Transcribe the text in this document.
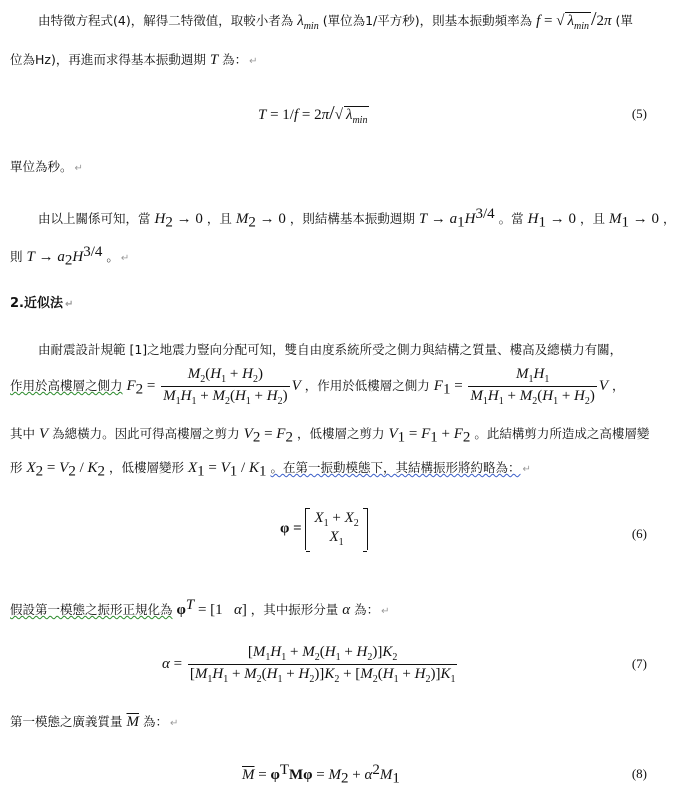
由特徵方程式(4)，解得二特徵值，取較小者為 $\lambda_{min}$ (單位為1/平方秒)，則基本振動頻率為 f = √ $\lambda_{min}$ /2π (單
位為Hz)，再進而求得基本振動週期 T 為： ↵
T = 1/f = 2π/√ $\lambda_{min}$	(5)
單位為秒。 ↵
由以上關係可知，當 $H_2 \to 0$ ，且 $M_2 \to 0$ ，則結構基本振動週期 $T \to a_1H^{3/4}$ 。當 $H_1 \to 0$ ，且 $M_1 \to 0$ ，
則 $T \to a_2H^{3/4}$ 。 ↵
2.近似法 ↵
由耐震設計規範 [1]之地震力豎向分配可知，雙自由度系統所受之側力與結構之質量、樓高及總橫力有關，
作用於高樓層之側力 $F_2 = \frac{M_2(H_1 + H_2)}{M_1H_1 + M_2(H_1 + H_2)}$ V ，作用於低樓層之側力 $F_1 = \frac{M_1H_1}{M_1H_1 + M_2(H_1 + H_2)}$ V ，
其中 V 為總橫力。因此可得高樓層之剪力 $V_2 = F_2$ ，低樓層之剪力 $V_1 = F_1 + F_2$ 。此結構剪力所造成之高樓層變
形 $X_2 = V_2 / K_2$ ，低樓層變形 $X_1 = V_1 / K_1$ 。在第一振動模態下，其結構振形將約略為： ↵
φ =
$X_1 + X_2$
$X_1$
(6)
假設第一模態之振形正規化為 $\varphi^T = [1$   α] ，其中振形分量 α 為： ↵
$\alpha = \frac{[M_1H_1 + M_2(H_1 + H_2)]K_2}{[M_1H_1 + M_2(H_1 + H_2)]K_2 + [M_2(H_1 + H_2)]K_1}$	(7)
第一模態之廣義質量 $\overline{M}$ 為： ↵
$\overline{M} = \varphi^TM\varphi = M_2 + \alpha^2M_1$	(8)
